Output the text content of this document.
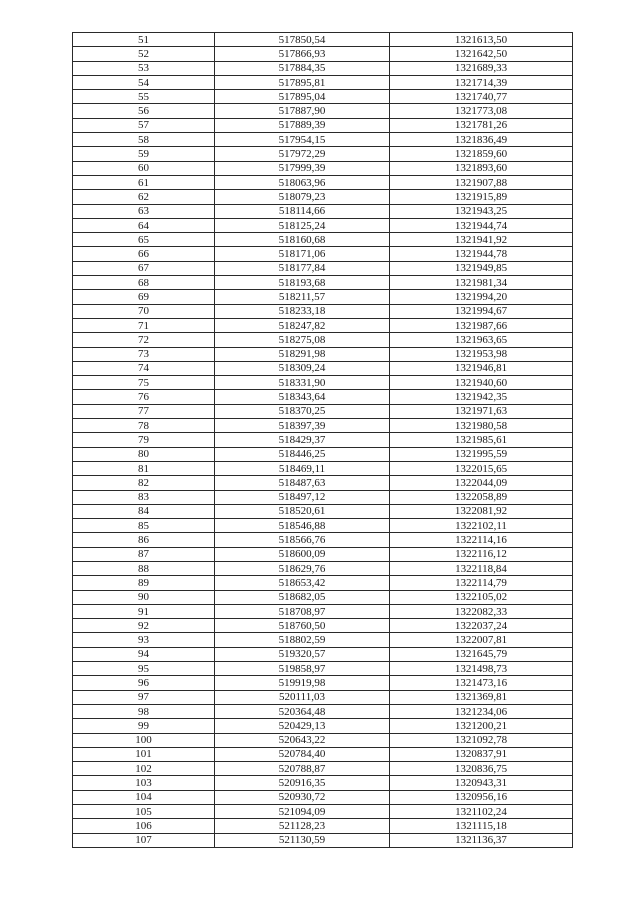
51	517850,54	1321613,50
52	517866,93	1321642,50
53	517884,35	1321689,33
54	517895,81	1321714,39
55	517895,04	1321740,77
56	517887,90	1321773,08
57	517889,39	1321781,26
58	517954,15	1321836,49
59	517972,29	1321859,60
60	517999,39	1321893,60
61	518063,96	1321907,88
62	518079,23	1321915,89
63	518114,66	1321943,25
64	518125,24	1321944,74
65	518160,68	1321941,92
66	518171,06	1321944,78
67	518177,84	1321949,85
68	518193,68	1321981,34
69	518211,57	1321994,20
70	518233,18	1321994,67
71	518247,82	1321987,66
72	518275,08	1321963,65
73	518291,98	1321953,98
74	518309,24	1321946,81
75	518331,90	1321940,60
76	518343,64	1321942,35
77	518370,25	1321971,63
78	518397,39	1321980,58
79	518429,37	1321985,61
80	518446,25	1321995,59
81	518469,11	1322015,65
82	518487,63	1322044,09
83	518497,12	1322058,89
84	518520,61	1322081,92
85	518546,88	1322102,11
86	518566,76	1322114,16
87	518600,09	1322116,12
88	518629,76	1322118,84
89	518653,42	1322114,79
90	518682,05	1322105,02
91	518708,97	1322082,33
92	518760,50	1322037,24
93	518802,59	1322007,81
94	519320,57	1321645,79
95	519858,97	1321498,73
96	519919,98	1321473,16
97	520111,03	1321369,81
98	520364,48	1321234,06
99	520429,13	1321200,21
100	520643,22	1321092,78
101	520784,40	1320837,91
102	520788,87	1320836,75
103	520916,35	1320943,31
104	520930,72	1320956,16
105	521094,09	1321102,24
106	521128,23	1321115,18
107	521130,59	1321136,37
